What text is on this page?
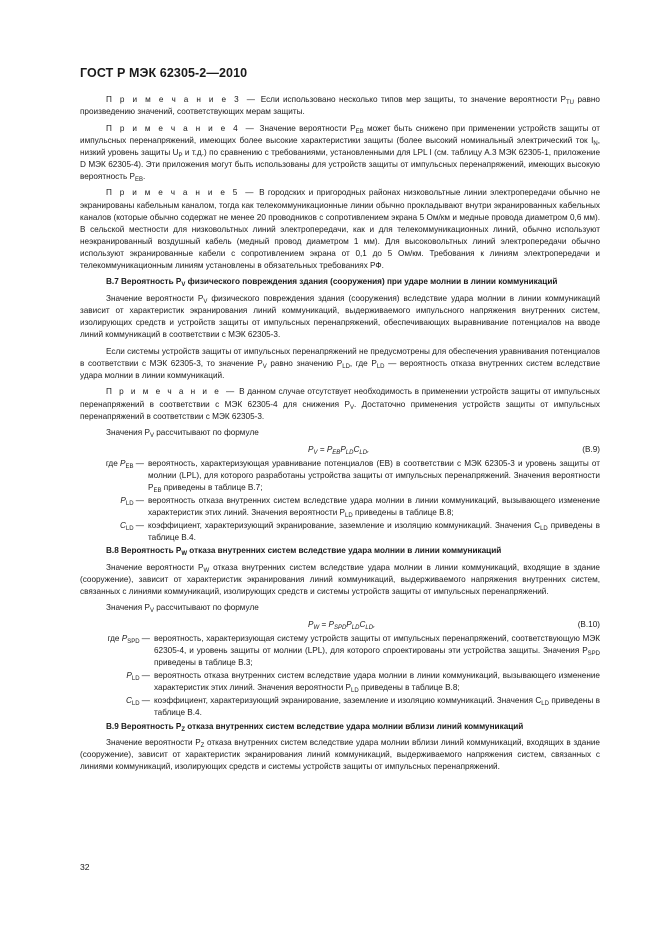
ГОСТ Р МЭК 62305-2—2010

П р и м е ч а н и е 3 — Если использовано несколько типов мер защиты, то значение вероятности $P_{TU}$ равно произведению значений, соответствующих мерам защиты.

П р и м е ч а н и е 4 — Значение вероятности $P_{EB}$ может быть снижено при применении устройств защиты от импульсных перенапряжений, имеющих более высокие характеристики защиты (более высокий номинальный электрический ток $I_N$, низкий уровень защиты $U_P$ и т.д.) по сравнению с требованиями, установленными для LPL I (см. таблицу А.3 МЭК 62305-1, приложение D МЭК 62305-4). Эти приложения могут быть использованы для устройств защиты от импульсных перенапряжений, имеющих высокую вероятность $P_{EB}$.

П р и м е ч а н и е 5 — В городских и пригородных районах низковольтные линии электропередачи обычно не экранированы кабельным каналом, тогда как телекоммуникационные линии обычно прокладывают внутри экранированных кабельных каналов (которые обычно содержат не менее 20 проводников с сопротивлением экрана 5 Ом/км и медные провода диаметром 0,6 мм). В сельской местности для низковольтных линий электропередачи, как и для телекоммуникационных линий, обычно используют неэкранированный воздушный кабель (медный провод диаметром 1 мм). Для высоковольтных линий электропередачи обычно используют экранированные кабели с сопротивлением экрана от 0,1 до 5 Ом/км. Требования к линиям электропередачи и телекоммуникационным линиям установлены в обязательных требованиях РФ.

В.7 Вероятность $P_V$ физического повреждения здания (сооружения) при ударе молнии в линии коммуникаций

Значение вероятности $P_V$ физического повреждения здания (сооружения) вследствие удара молнии в линии коммуникаций зависит от характеристик экранирования линий коммуникаций, выдерживаемого импульсного напряжения внутренних систем, изолирующих средств и устройств защиты от импульсных перенапряжений, обеспечивающих выравнивание потенциалов на вводе линий коммуникаций в соответствии с МЭК 62305-3.

Если системы устройств защиты от импульсных перенапряжений не предусмотрены для обеспечения уравнивания потенциалов в соответствии с МЭК 62305-3, то значение $P_V$ равно значению $P_{LD}$, где $P_{LD}$ — вероятность отказа внутренних систем вследствие удара молнии в линии коммуникаций.

П р и м е ч а н и е — В данном случае отсутствует необходимость в применении устройств защиты от импульсных перенапряжений в соответствии с МЭК 62305-4 для снижения $P_V$. Достаточно применения устройств защиты от импульсных перенапряжений в соответствии с МЭК 62305-3.

Значения $P_V$ рассчитывают по формуле

$P_V = P_{EB}P_{LD}C_{LD}$,	(В.9)
где $P_{EB}$ — вероятность, характеризующая уравнивание потенциалов (ЕВ) в соответствии с МЭК 62305-3 и уровень защиты от молнии (LPL), для которого разработаны устройства защиты от импульсных перенапряжений. Значения вероятности $P_{EB}$ приведены в таблице В.7;
$P_{LD}$ — вероятность отказа внутренних систем вследствие удара молнии в линии коммуникаций, вызывающего изменение характеристик этих линий. Значения вероятности $P_{LD}$ приведены в таблице В.8;
$C_{LD}$ — коэффициент, характеризующий экранирование, заземление и изоляцию коммуникаций. Значения $C_{LD}$ приведены в таблице В.4.

В.8 Вероятность $P_W$ отказа внутренних систем вследствие удара молнии в линии коммуникаций

Значение вероятности $P_W$ отказа внутренних систем вследствие удара молнии в линии коммуникаций, входящие в здание (сооружение), зависит от характеристик экранирования линий коммуникаций, выдерживаемого напряжения внутренних систем, связанных с линиями коммуникаций, изолирующих средств и системы устройств защиты от импульсных перенапряжений.

Значения $P_V$ рассчитывают по формуле

$P_W = P_{SPD}P_{LD}C_{LD}$,	(В.10)
где $P_{SPD}$ — вероятность, характеризующая систему устройств защиты от импульсных перенапряжений, соответствующую МЭК 62305-4, и уровень защиты от молнии (LPL), для которого спроектированы эти устройства защиты. Значения $P_{SPD}$ приведены в таблице В.3;
$P_{LD}$ — вероятность отказа внутренних систем вследствие удара молнии в линии коммуникаций, вызывающего изменение характеристик этих линий. Значения вероятности $P_{LD}$ приведены в таблице В.8;
$C_{LD}$ — коэффициент, характеризующий экранирование, заземление и изоляцию коммуникаций. Значения $C_{LD}$ приведены в таблице В.4.

В.9 Вероятность $P_Z$ отказа внутренних систем вследствие удара молнии вблизи линий коммуникаций

Значение вероятности $P_Z$ отказа внутренних систем вследствие удара молнии вблизи линий коммуникаций, входящих в здание (сооружение), зависит от характеристик экранирования линий коммуникаций, выдерживаемого напряжения систем, связанных с линиями коммуникаций, изолирующих средств и системы устройств защиты от импульсных перенапряжений.

32
